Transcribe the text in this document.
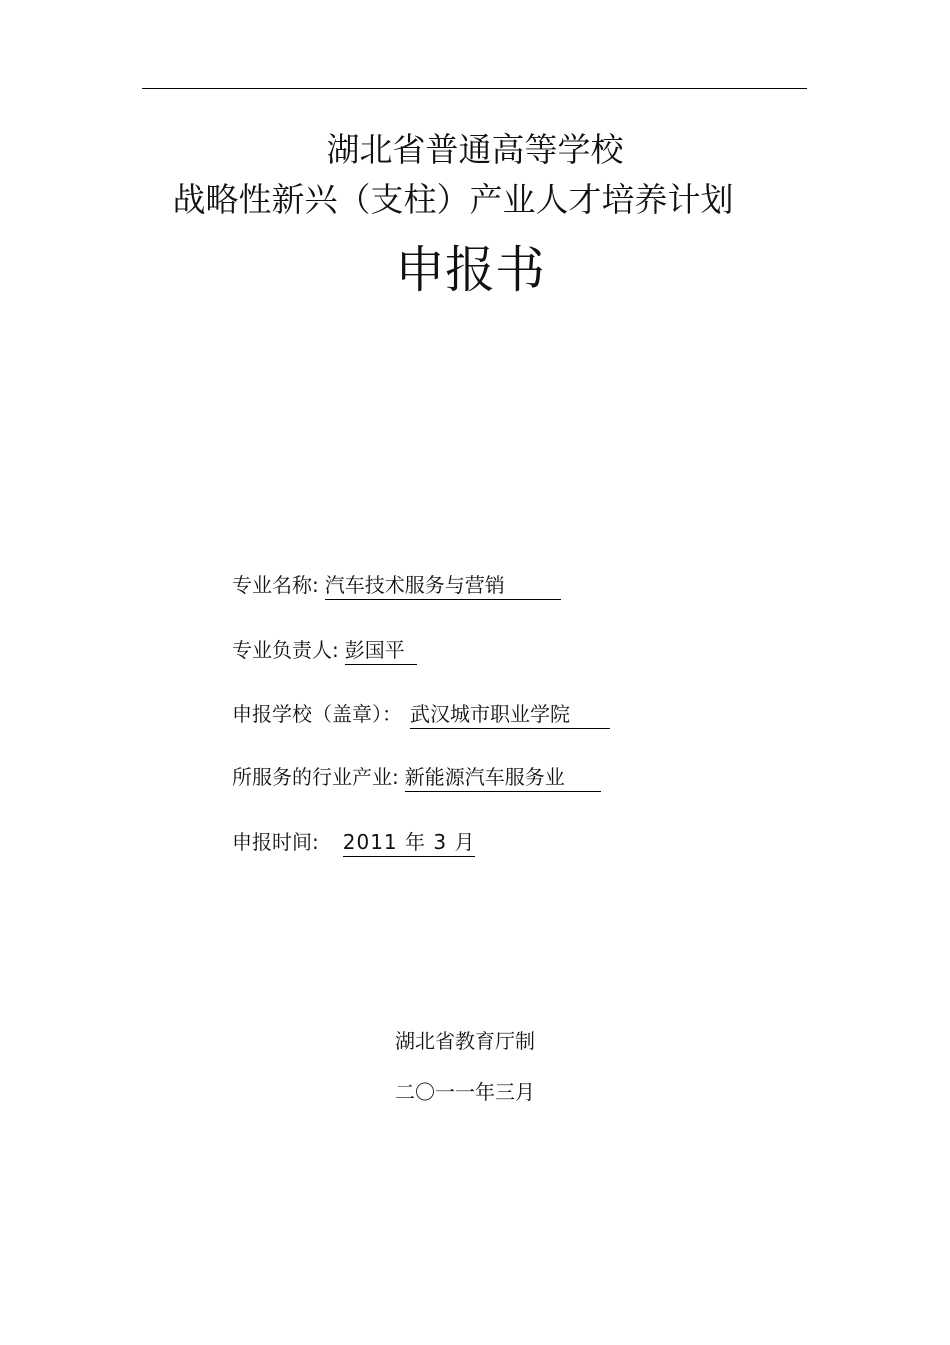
湖北省普通高等学校
战略性新兴（支柱）产业人才培养计划
申报书
专业名称: 汽车技术服务与营销
专业负责人: 彭国平
申报学校（盖章）： 武汉城市职业学院
所服务的行业产业: 新能源汽车服务业
申报时间: 2011 年 3 月
湖北省教育厅制
二〇一一年三月
